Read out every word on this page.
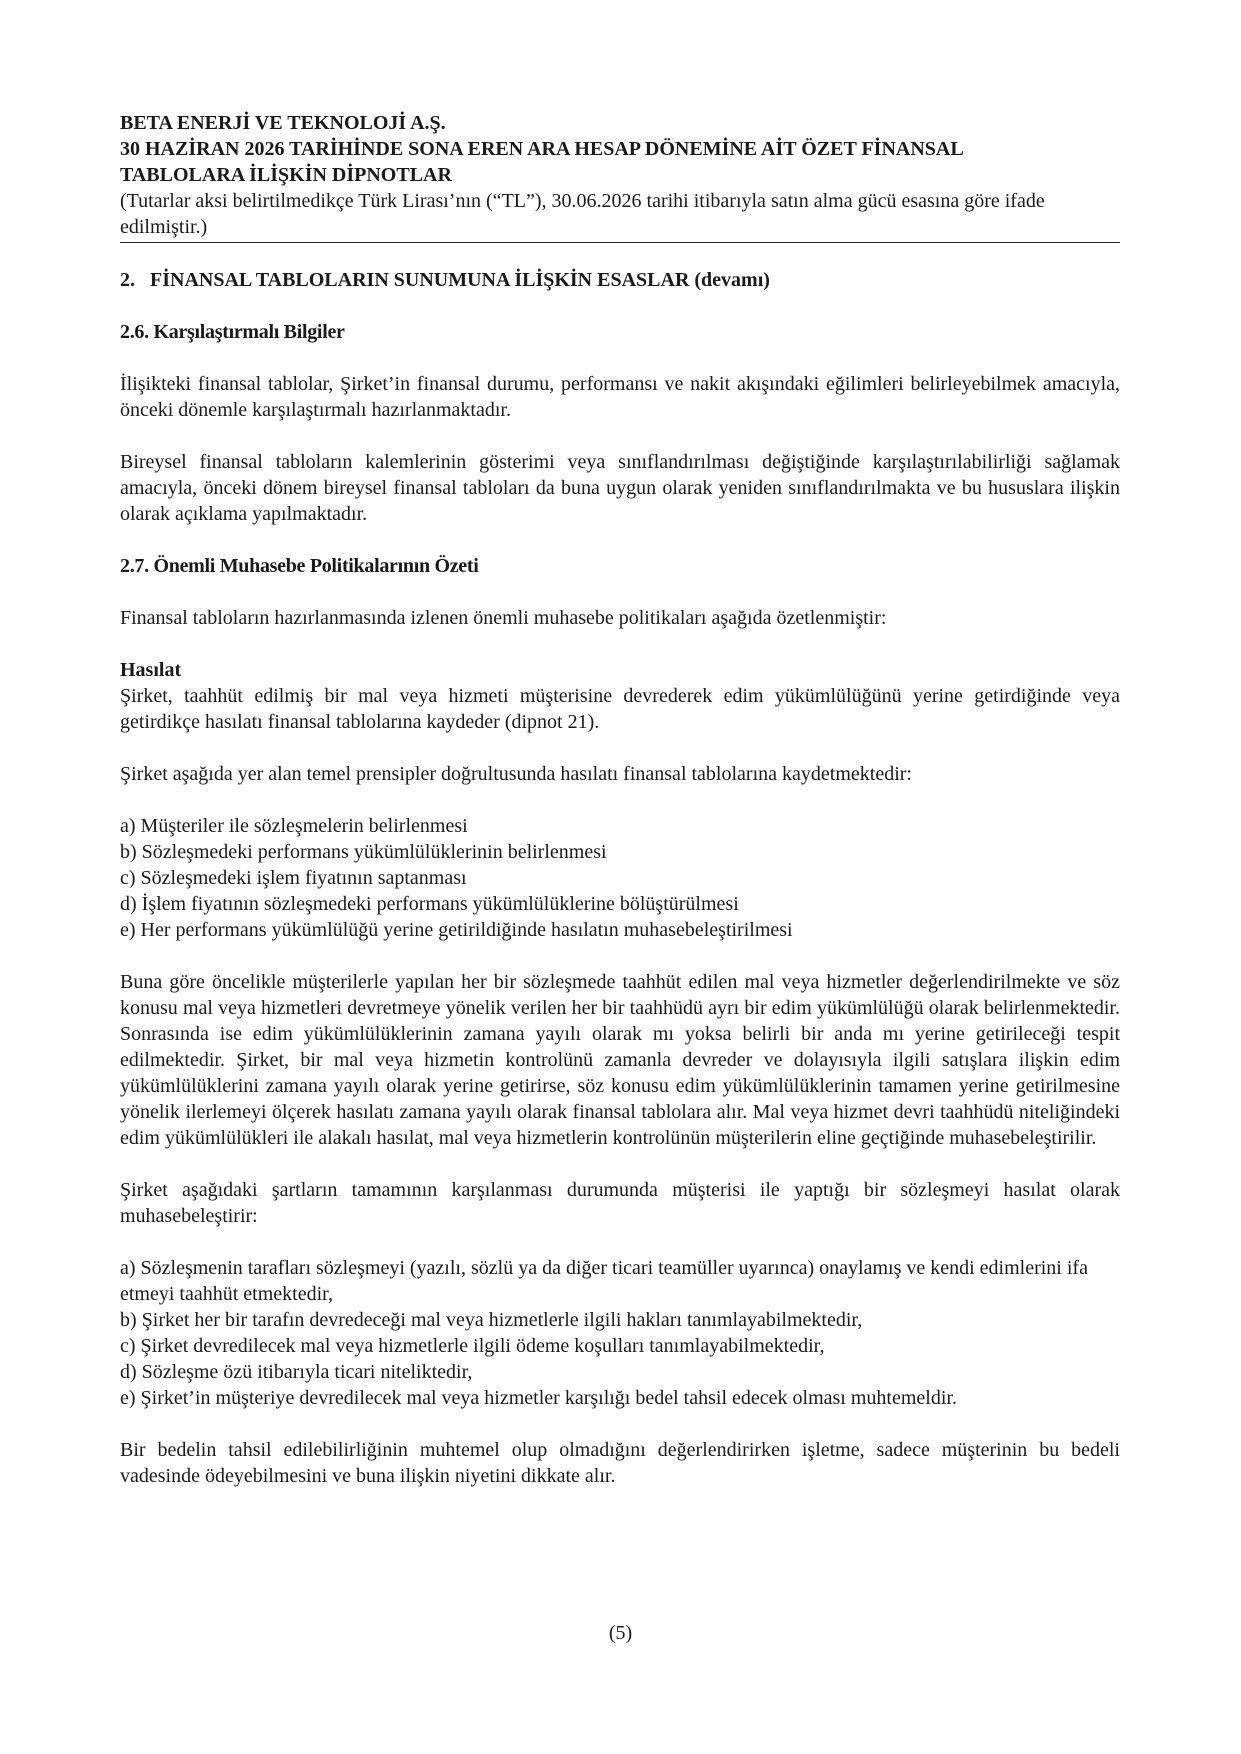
BETA ENERJİ VE TEKNOLOJİ A.Ş.

30 HAZİRAN 2026 TARİHİNDE SONA EREN ARA HESAP DÖNEMİNE AİT ÖZET FİNANSAL

TABLOLARA İLİŞKİN DİPNOTLAR

(Tutarlar aksi belirtilmedikçe Türk Lirası’nın (“TL”), 30.06.2026 tarihi itibarıyla satın alma gücü esasına göre ifade edilmiştir.)

2.   FİNANSAL TABLOLARIN SUNUMUNA İLİŞKİN ESASLAR (devamı)

2.6. Karşılaştırmalı Bilgiler

İlişikteki finansal tablolar, Şirket’in finansal durumu, performansı ve nakit akışındaki eğilimleri belirleyebilmek amacıyla, önceki dönemle karşılaştırmalı hazırlanmaktadır.

Bireysel finansal tabloların kalemlerinin gösterimi veya sınıflandırılması değiştiğinde karşılaştırılabilirliği sağlamak amacıyla, önceki dönem bireysel finansal tabloları da buna uygun olarak yeniden sınıflandırılmakta ve bu hususlara ilişkin olarak açıklama yapılmaktadır.

2.7. Önemli Muhasebe Politikalarının Özeti

Finansal tabloların hazırlanmasında izlenen önemli muhasebe politikaları aşağıda özetlenmiştir:

Hasılat

Şirket, taahhüt edilmiş bir mal veya hizmeti müşterisine devrederek edim yükümlülüğünü yerine getirdiğinde veya getirdikçe hasılatı finansal tablolarına kaydeder (dipnot 21).

Şirket aşağıda yer alan temel prensipler doğrultusunda hasılatı finansal tablolarına kaydetmektedir:

a) Müşteriler ile sözleşmelerin belirlenmesi
b) Sözleşmedeki performans yükümlülüklerinin belirlenmesi
c) Sözleşmedeki işlem fiyatının saptanması
d) İşlem fiyatının sözleşmedeki performans yükümlülüklerine bölüştürülmesi
e) Her performans yükümlülüğü yerine getirildiğinde hasılatın muhasebeleştirilmesi

Buna göre öncelikle müşterilerle yapılan her bir sözleşmede taahhüt edilen mal veya hizmetler değerlendirilmekte ve söz konusu mal veya hizmetleri devretmeye yönelik verilen her bir taahhüdü ayrı bir edim yükümlülüğü olarak belirlenmektedir. Sonrasında ise edim yükümlülüklerinin zamana yayılı olarak mı yoksa belirli bir anda mı yerine getirileceği tespit edilmektedir. Şirket, bir mal veya hizmetin kontrolünü zamanla devreder ve dolayısıyla ilgili satışlara ilişkin edim yükümlülüklerini zamana yayılı olarak yerine getirirse, söz konusu edim yükümlülüklerinin tamamen yerine getirilmesine yönelik ilerlemeyi ölçerek hasılatı zamana yayılı olarak finansal tablolara alır. Mal veya hizmet devri taahhüdü niteliğindeki edim yükümlülükleri ile alakalı hasılat, mal veya hizmetlerin kontrolünün müşterilerin eline geçtiğinde muhasebeleştirilir.

Şirket aşağıdaki şartların tamamının karşılanması durumunda müşterisi ile yaptığı bir sözleşmeyi hasılat olarak muhasebeleştirir:

a) Sözleşmenin tarafları sözleşmeyi (yazılı, sözlü ya da diğer ticari teamüller uyarınca) onaylamış ve kendi edimlerini ifa etmeyi taahhüt etmektedir,
b) Şirket her bir tarafın devredeceği mal veya hizmetlerle ilgili hakları tanımlayabilmektedir,
c) Şirket devredilecek mal veya hizmetlerle ilgili ödeme koşulları tanımlayabilmektedir,
d) Sözleşme özü itibarıyla ticari niteliktedir,
e) Şirket’in müşteriye devredilecek mal veya hizmetler karşılığı bedel tahsil edecek olması muhtemeldir.

Bir bedelin tahsil edilebilirliğinin muhtemel olup olmadığını değerlendirirken işletme, sadece müşterinin bu bedeli vadesinde ödeyebilmesini ve buna ilişkin niyetini dikkate alır.

(5)
